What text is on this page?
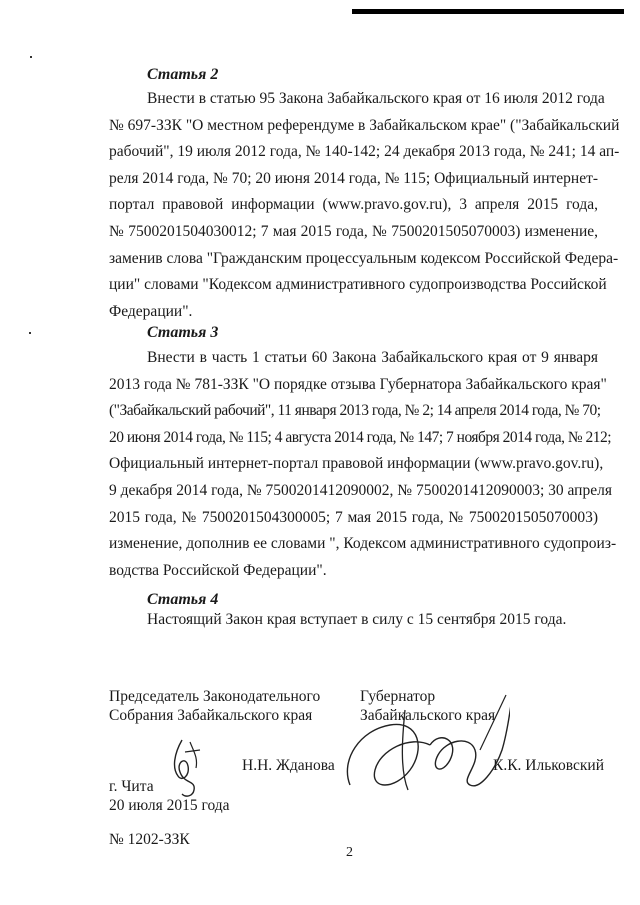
Статья 2
Внести в статью 95 Закона Забайкальского края от 16 июля 2012 года
№ 697-ЗЗК "О местном референдуме в Забайкальском крае" ("Забайкальский
рабочий", 19 июля 2012 года, № 140-142; 24 декабря 2013 года, № 241; 14 ап-
реля 2014 года, № 70; 20 июня 2014 года, № 115; Официальный интернет-
портал правовой информации (www.pravo.gov.ru), 3 апреля 2015 года,
№ 7500201504030012; 7 мая 2015 года, № 7500201505070003) изменение,
заменив слова "Гражданским процессуальным кодексом Российской Федера-
ции" словами "Кодексом административного судопроизводства Российской
Федерации".
Статья 3
Внести в часть 1 статьи 60 Закона Забайкальского края от 9 января
2013 года № 781-ЗЗК "О порядке отзыва Губернатора Забайкальского края"
("Забайкальский рабочий", 11 января 2013 года, № 2; 14 апреля 2014 года, № 70;
20 июня 2014 года, № 115; 4 августа 2014 года, № 147; 7 ноября 2014 года, № 212;
Официальный интернет-портал правовой информации (www.pravo.gov.ru),
9 декабря 2014 года, № 7500201412090002, № 7500201412090003; 30 апреля
2015 года, № 7500201504300005; 7 мая 2015 года, № 7500201505070003)
изменение, дополнив ее словами ", Кодексом административного судопроиз-
водства Российской Федерации".
Статья 4
Настоящий Закон края вступает в силу с 15 сентября 2015 года.
Председатель Законодательного
Собрания Забайкальского края
Губернатор
Забайкальского края
Н.Н. Жданова	К.К. Ильковский
г. Чита
20 июля 2015 года
№ 1202-ЗЗК
2
